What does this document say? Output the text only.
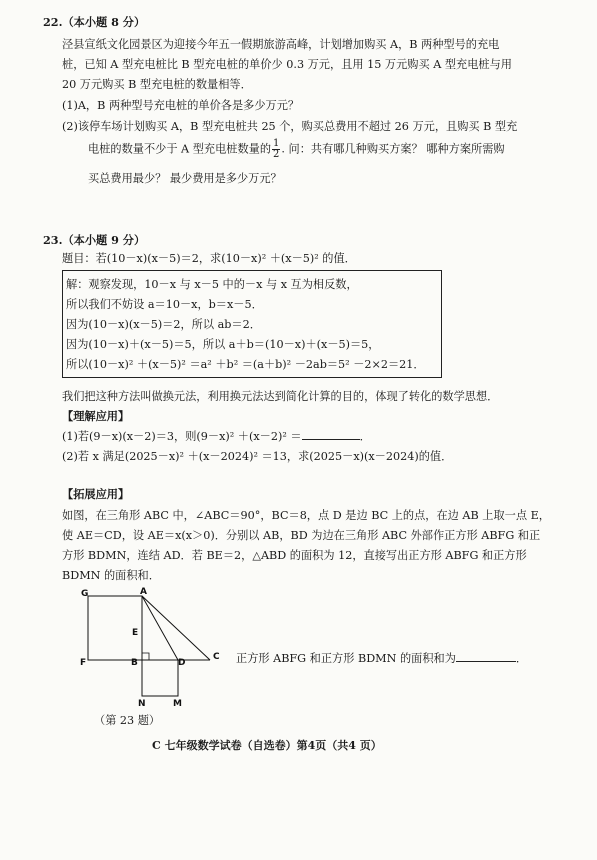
22.（本小题 8 分）
泾县宣纸文化园景区为迎接今年五一假期旅游高峰，计划增加购买 A，B 两种型号的充电
桩，已知 A 型充电桩比 B 型充电桩的单价少 0.3 万元，且用 15 万元购买 A 型充电桩与用
20 万元购买 B 型充电桩的数量相等．
(1)A，B 两种型号充电桩的单价各是多少万元？
(2)该停车场计划购买 A，B 型充电桩共 25 个，购买总费用不超过 26 万元，且购买 B 型充
电桩的数量不少于 A 型充电桩数量的 $\frac{1}{2}$ . 问：共有哪几种购买方案？ 哪种方案所需购
买总费用最少？ 最少费用是多少万元？
23.（本小题 9 分）
题目：若(10－x)(x－5)＝2，求(10－x)² ＋(x－5)² 的值．
解：观察发现，10－x 与 x－5 中的－x 与 x 互为相反数，
所以我们不妨设 a＝10－x，b＝x－5．
因为(10－x)(x－5)＝2，所以 ab＝2．
因为(10－x)＋(x－5)＝5，所以 a＋b＝(10－x)＋(x－5)＝5，
所以(10－x)² ＋(x－5)² ＝a² ＋b² ＝(a＋b)² －2ab＝5² －2×2＝21．
我们把这种方法叫做换元法，利用换元法达到简化计算的目的，体现了转化的数学思想．
【理解应用】
(1)若(9－x)(x－2)＝3，则(9－x)² ＋(x－2)² ＝	．
(2)若 x 满足(2025－x)² ＋(x－2024)² ＝13，求(2025－x)(x－2024)的值．
【拓展应用】
如图，在三角形 ABC 中，∠ABC＝90°，BC＝8，点 D 是边 BC 上的点，在边 AB 上取一点 E，
使 AE＝CD，设 AE＝x(x＞0)．分别以 AB，BD 为边在三角形 ABC 外部作正方形 ABFG 和正
方形 BDMN，连结 AD．若 BE＝2，△ABD 的面积为 12，直接写出正方形 ABFG 和正方形
BDMN 的面积和．
G	A
E
F	B	D
C
N	M
正方形 ABFG 和正方形 BDMN 的面积和为	．
（第 23 题）
C 七年级数学试卷（自选卷）第4页（共4 页）
